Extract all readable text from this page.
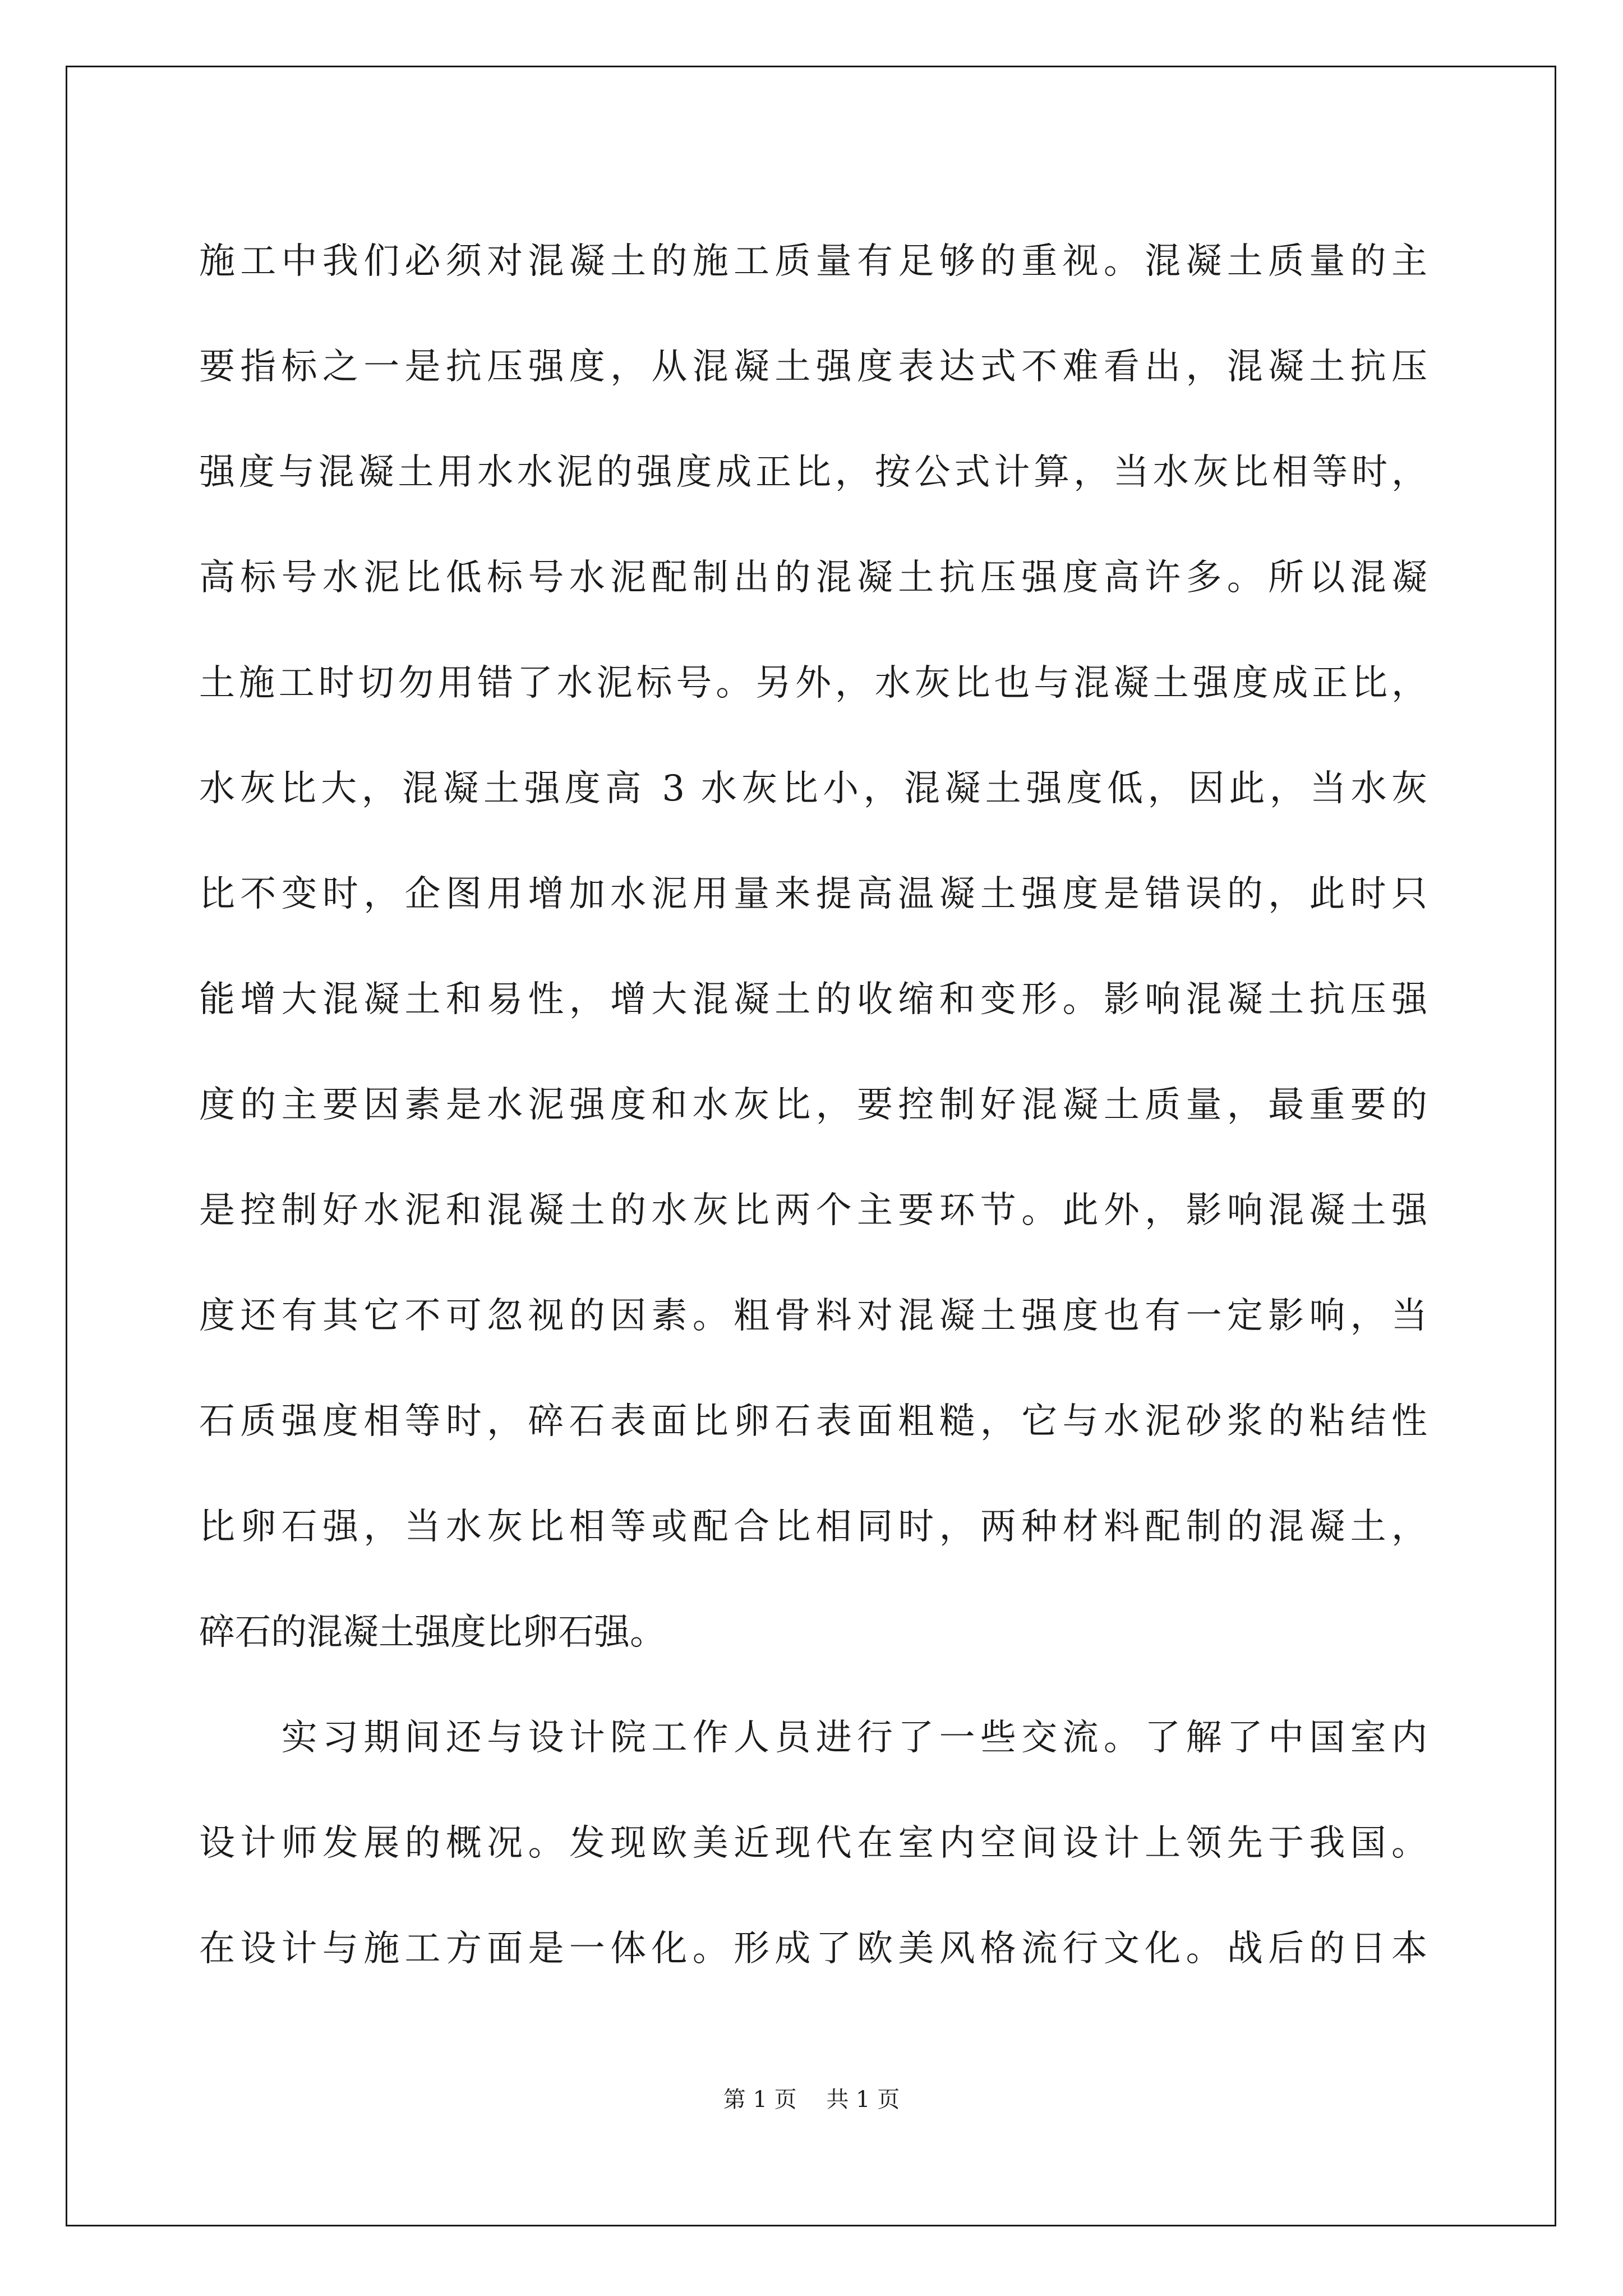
施工中我们必须对混凝土的施工质量有足够的重视。混凝土质量的主
要指标之一是抗压强度，从混凝土强度表达式不难看出，混凝土抗压
强度与混凝土用水水泥的强度成正比，按公式计算，当水灰比相等时，
高标号水泥比低标号水泥配制出的混凝土抗压强度高许多。所以混凝
土施工时切勿用错了水泥标号。另外，水灰比也与混凝土强度成正比，
水灰比大，混凝土强度高 3 水灰比小，混凝土强度低，因此，当水灰
比不变时，企图用增加水泥用量来提高温凝土强度是错误的，此时只
能增大混凝土和易性，增大混凝土的收缩和变形。影响混凝土抗压强
度的主要因素是水泥强度和水灰比，要控制好混凝土质量，最重要的
是控制好水泥和混凝土的水灰比两个主要环节。此外，影响混凝土强
度还有其它不可忽视的因素。粗骨料对混凝土强度也有一定影响，当
石质强度相等时，碎石表面比卵石表面粗糙，它与水泥砂浆的粘结性
比卵石强，当水灰比相等或配合比相同时，两种材料配制的混凝土，
碎石的混凝土强度比卵石强。
　　实习期间还与设计院工作人员进行了一些交流。了解了中国室内
设计师发展的概况。发现欧美近现代在室内空间设计上领先于我国。
在设计与施工方面是一体化。形成了欧美风格流行文化。战后的日本
第 1 页　 共 1 页
